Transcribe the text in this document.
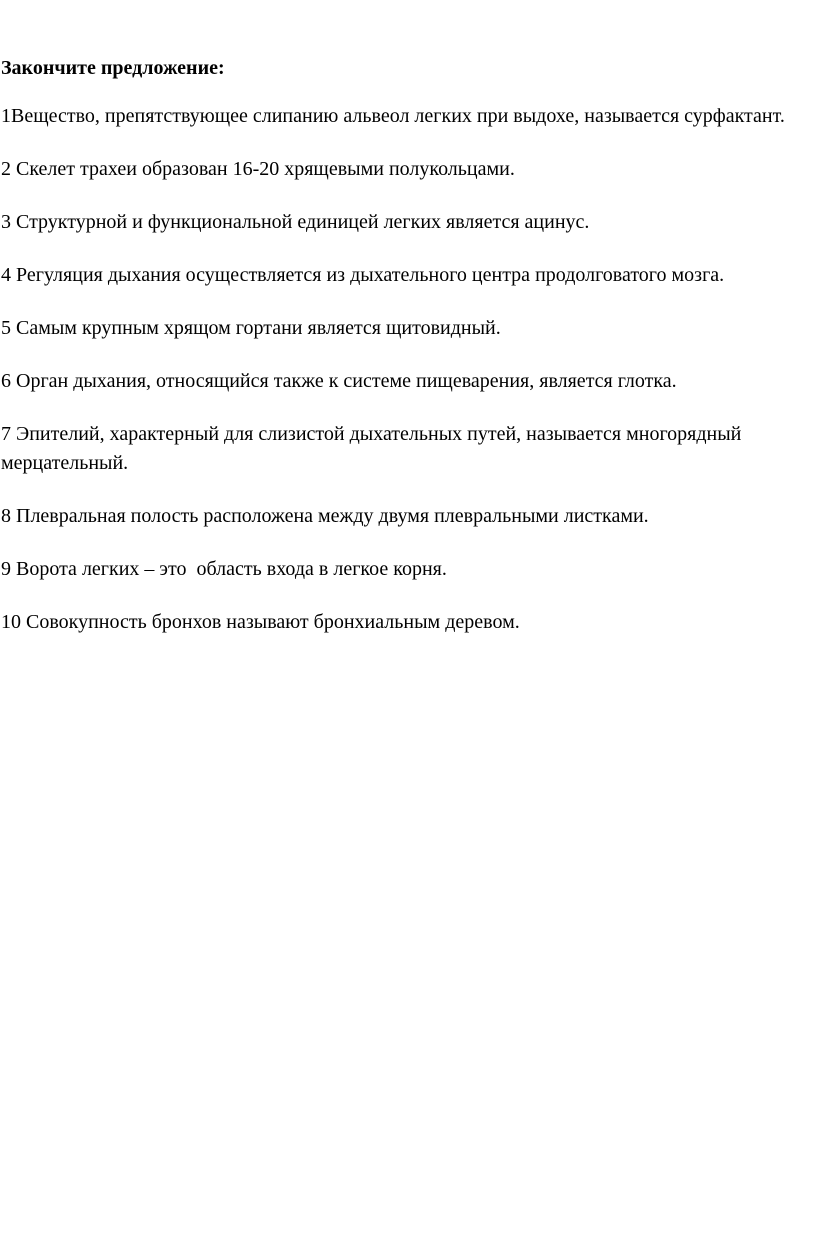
Закончите предложение:

1Вещество, препятствующее слипанию альвеол легких при выдохе, называется сурфактант.
2 Скелет трахеи образован 16-20 хрящевыми полукольцами.
3 Структурной и функциональной единицей легких является ацинус.
4 Регуляция дыхания осуществляется из дыхательного центра продолговатого мозга.
5 Самым крупным хрящом гортани является щитовидный.
6 Орган дыхания, относящийся также к системе пищеварения, является глотка.
7 Эпителий, характерный для слизистой дыхательных путей, называется многорядный мерцательный.
8 Плевральная полость расположена между двумя плевральными листками.
9 Ворота легких – это  область входа в легкое корня.
10 Совокупность бронхов называют бронхиальным деревом.
